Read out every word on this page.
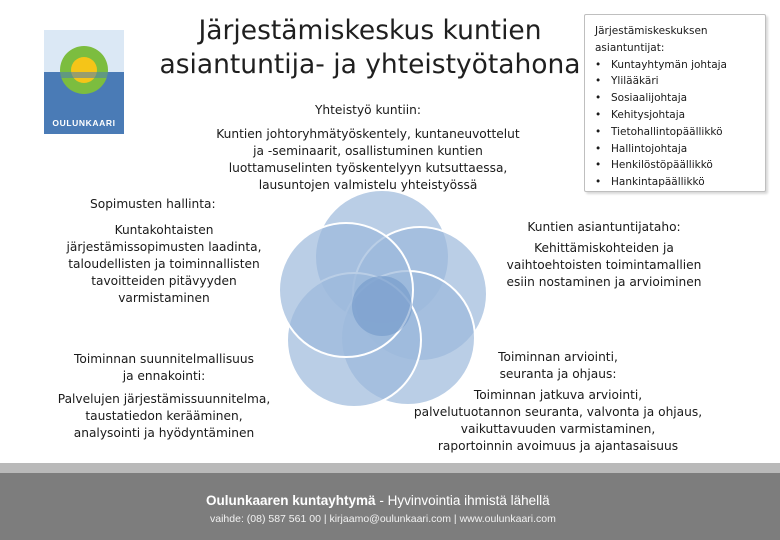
OULUNKAARI
Järjestämiskeskus kuntien
asiantuntija- ja yhteistyötahona
Järjestämiskeskuksen
asiantuntijat:
• Kuntayhtymän johtaja
• Ylilääkäri
• Sosiaalijohtaja
• Kehitysjohtaja
• Tietohallintopäällikkö
• Hallintojohtaja
• Henkilöstöpäällikkö
• Hankintapäällikkö
Yhteistyö kuntiin:
Kuntien johtoryhmätyöskentely, kuntaneuvottelut
ja -seminaarit, osallistuminen kuntien
luottamuselinten työskentelyyn kutsuttaessa,
lausuntojen valmistelu yhteistyössä
Sopimusten hallinta:
Kuntakohtaisten
järjestämissopimusten laadinta,
taloudellisten ja toiminnallisten
tavoitteiden pitävyyden
varmistaminen
Kuntien asiantuntijataho:
Kehittämiskohteiden ja
vaihtoehtoisten toimintamallien
esiin nostaminen ja arvioiminen
Toiminnan suunnitelmallisuus
ja ennakointi:
Palvelujen järjestämissuunnitelma,
taustatiedon kerääminen,
analysointi ja hyödyntäminen
Toiminnan arviointi,
seuranta ja ohjaus:
Toiminnan jatkuva arviointi,
palvelutuotannon seuranta, valvonta ja ohjaus,
vaikuttavuuden varmistaminen,
raportoinnin avoimuus ja ajantasaisuus
Oulunkaaren kuntayhtymä - Hyvinvointia ihmistä lähellä
vaihde: (08) 587 561 00 | kirjaamo@oulunkaari.com | www.oulunkaari.com
